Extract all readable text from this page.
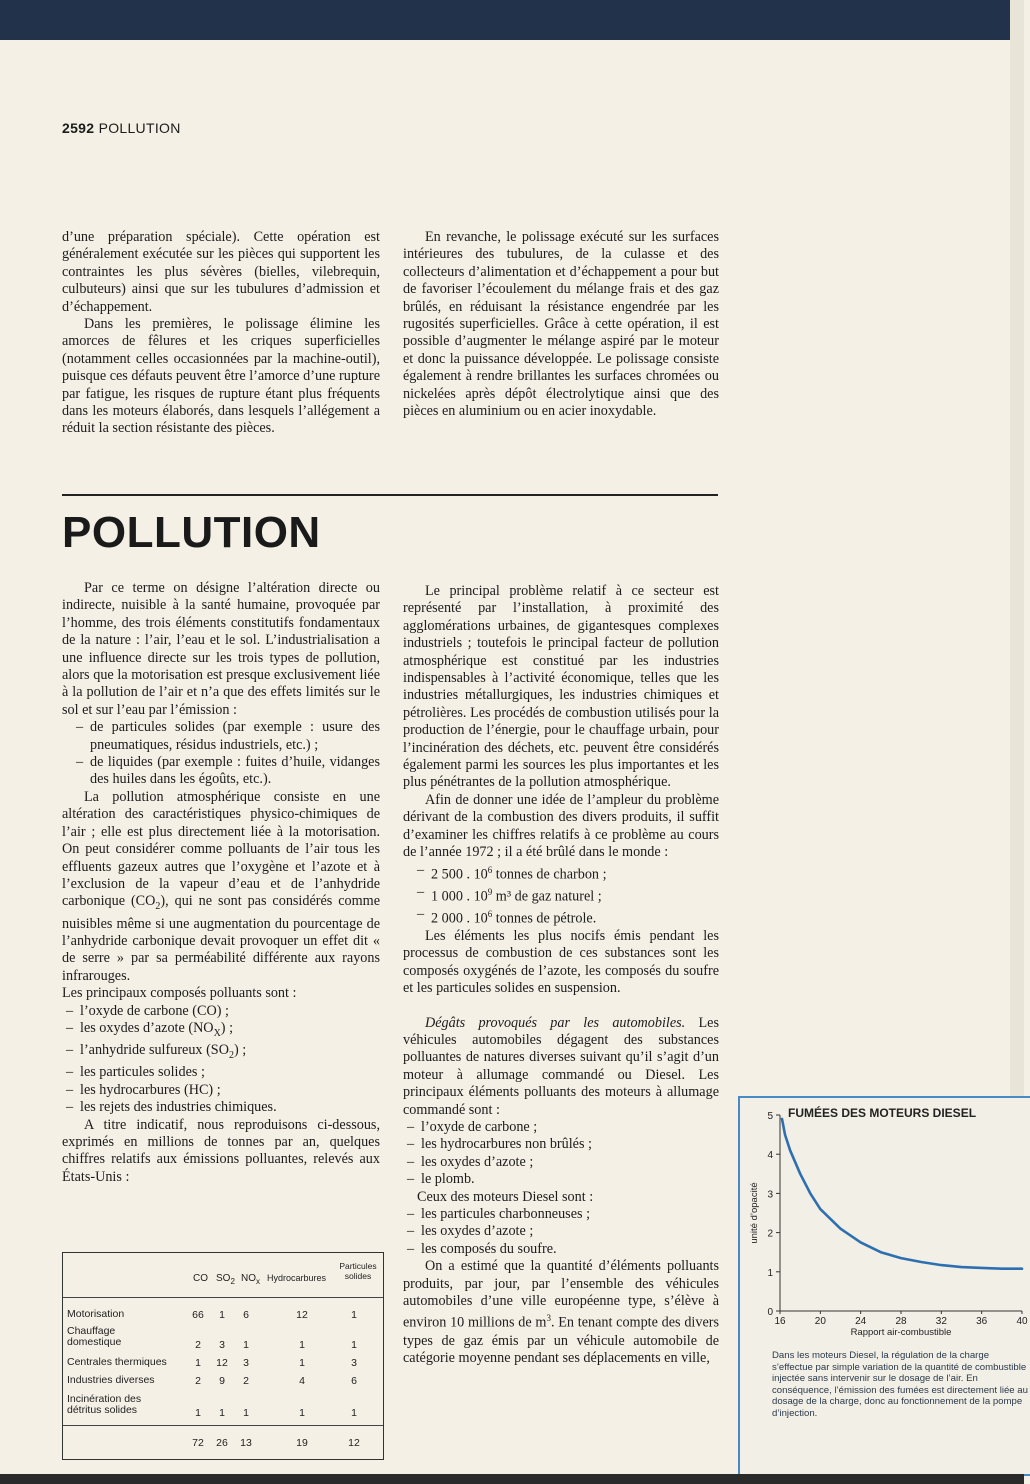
2592 POLLUTION

d’une préparation spéciale). Cette opération est généralement exécutée sur les pièces qui supportent les contraintes les plus sévères (bielles, vilebrequin, culbuteurs) ainsi que sur les tubulures d’admission et d’échappement.

Dans les premières, le polissage élimine les amorces de fêlures et les criques superficielles (notamment celles occasionnées par la machine-outil), puisque ces défauts peuvent être l’amorce d’une rupture par fatigue, les risques de rupture étant plus fréquents dans les moteurs élaborés, dans lesquels l’allégement a réduit la section résistante des pièces.

En revanche, le polissage exécuté sur les surfaces intérieures des tubulures, de la culasse et des collecteurs d’alimentation et d’échappement a pour but de favoriser l’écoulement du mélange frais et des gaz brûlés, en réduisant la résistance engendrée par les rugosités superficielles. Grâce à cette opération, il est possible d’augmenter le mélange aspiré par le moteur et donc la puissance développée. Le polissage consiste également à rendre brillantes les surfaces chromées ou nickelées après dépôt électrolytique ainsi que des pièces en aluminium ou en acier inoxydable.

POLLUTION

Par ce terme on désigne l’altération directe ou indirecte, nuisible à la santé humaine, provoquée par l’homme, des trois éléments constitutifs fondamentaux de la nature : l’air, l’eau et le sol. L’industrialisation a une influence directe sur les trois types de pollution, alors que la motorisation est presque exclusivement liée à la pollution de l’air et n’a que des effets limités sur le sol et sur l’eau par l’émission :

– de particules solides (par exemple : usure des pneumatiques, résidus industriels, etc.) ;
– de liquides (par exemple : fuites d’huile, vidanges des huiles dans les égoûts, etc.).

La pollution atmosphérique consiste en une altération des caractéristiques physico-chimiques de l’air ; elle est plus directement liée à la motorisation. On peut considérer comme polluants de l’air tous les effluents gazeux autres que l’oxygène et l’azote et à l’exclusion de la vapeur d’eau et de l’anhydride carbonique $(CO_2)$, qui ne sont pas considérés comme nuisibles même si une augmentation du pourcentage de l’anhydride carbonique devait provoquer un effet dit « de serre » par sa perméabilité différente aux rayons infrarouges.

Les principaux composés polluants sont :

– l’oxyde de carbone (CO) ;
– les oxydes d’azote $(NO_X)$ ;
– l’anhydride sulfureux $(SO_2)$ ;
– les particules solides ;
– les hydrocarbures (HC) ;
– les rejets des industries chimiques.

A titre indicatif, nous reproduisons ci-dessous, exprimés en millions de tonnes par an, quelques chiffres relatifs aux émissions polluantes, relevés aux États-Unis :

CO $SO_2$ $NO_x$ Hydrocarbures
Particules solides
Motorisation	66	1	6	12	1
Chauffage domestique	2	3	1	1	1
Centrales thermiques	1	12	3	1	3
Industries diverses	2	9	2	4	6
Incinération des détritus solides	1	1	1	1	1
72	26	13	19	12

Le principal problème relatif à ce secteur est représenté par l’installation, à proximité des agglomérations urbaines, de gigantesques complexes industriels ; toutefois le principal facteur de pollution atmosphérique est constitué par les industries indispensables à l’activité économique, telles que les industries métallurgiques, les industries chimiques et pétrolières. Les procédés de combustion utilisés pour la production de l’énergie, pour le chauffage urbain, pour l’incinération des déchets, etc. peuvent être considérés également parmi les sources les plus importantes et les plus pénétrantes de la pollution atmosphérique.

Afin de donner une idée de l’ampleur du problème dérivant de la combustion des divers produits, il suffit d’examiner les chiffres relatifs à ce problème au cours de l’année 1972 ; il a été brûlé dans le monde :

– 2 500 . $10^6$ tonnes de charbon ;
– 1 000 . $10^9$ m³ de gaz naturel ;
– 2 000 . $10^6$ tonnes de pétrole.

Les éléments les plus nocifs émis pendant les processus de combustion de ces substances sont les composés oxygénés de l’azote, les composés du soufre et les particules solides en suspension.

Dégâts provoqués par les automobiles. Les véhicules automobiles dégagent des substances polluantes de natures diverses suivant qu’il s’agit d’un moteur à allumage commandé ou Diesel. Les principaux éléments polluants des moteurs à allumage commandé sont :

– l’oxyde de carbone ;
– les hydrocarbures non brûlés ;
– les oxydes d’azote ;
– le plomb.

Ceux des moteurs Diesel sont :

– les particules charbonneuses ;
– les oxydes d’azote ;
– les composés du soufre.

On a estimé que la quantité d’éléments polluants produits, par jour, par l’ensemble des véhicules automobiles d’une ville européenne type, s’élève à environ 10 millions de $m^3$. En tenant compte des divers types de gaz émis par un véhicule automobile de catégorie moyenne pendant ses déplacements en ville,

FUMÉES DES MOTEURS DIESEL
0
1
2
3
4
5
16	20	24	28	32	36	40
Rapport air-combustible
unité d’opacité
Dans les moteurs Diesel, la régulation de la charge s’effectue par simple variation de la quantité de combustible injectée sans intervenir sur le dosage de l’air. En conséquence, l’émission des fumées est directement liée au dosage de la charge, donc au fonctionnement de la pompe d’injection.
